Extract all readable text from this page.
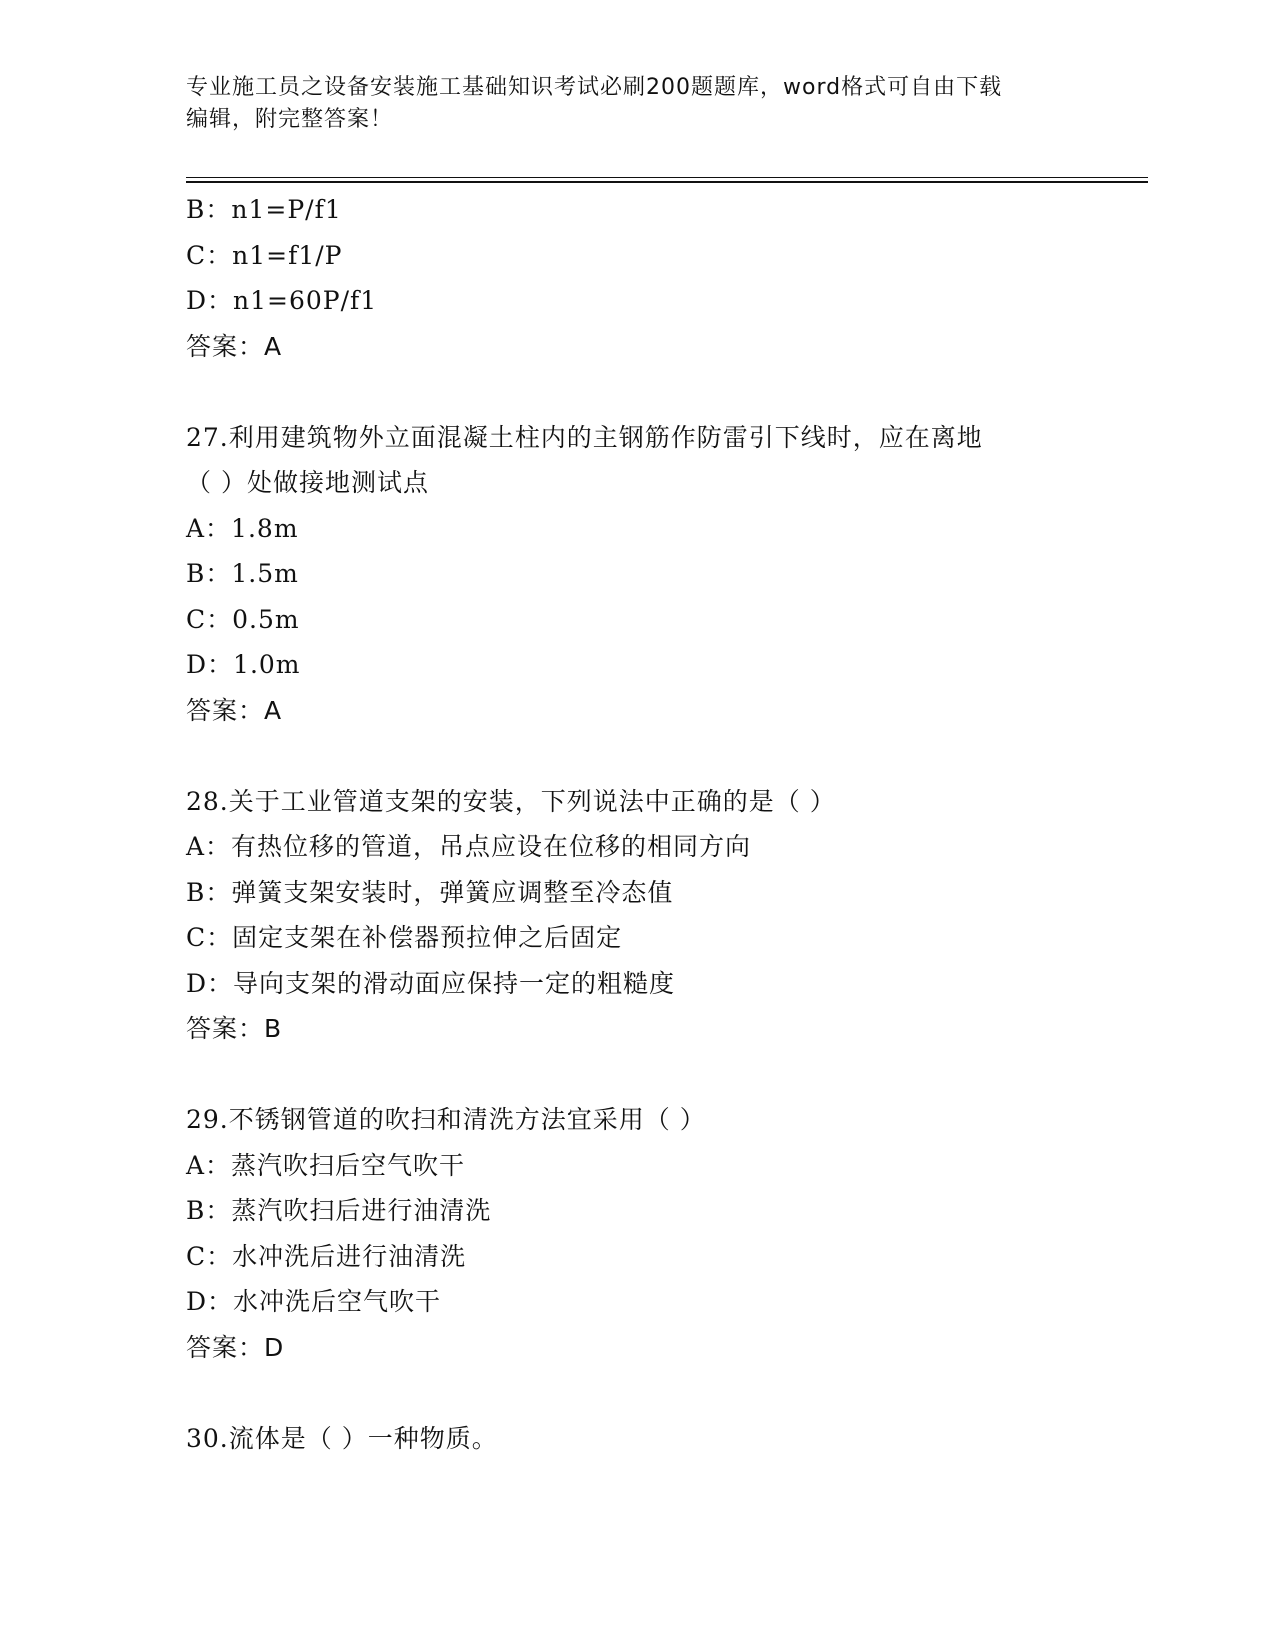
专业施工员之设备安装施工基础知识考试必刷200题题库，word格式可自由下载
编辑，附完整答案！
B：n1=P/f1
C：n1=f1/P
D：n1=60P/f1
答案：A
27.利用建筑物外立面混凝土柱内的主钢筋作防雷引下线时，应在离地
（ ）处做接地测试点
A：1.8m
B：1.5m
C：0.5m
D：1.0m
答案：A
28.关于工业管道支架的安装，下列说法中正确的是（ ）
A：有热位移的管道，吊点应设在位移的相同方向
B：弹簧支架安装时，弹簧应调整至冷态值
C：固定支架在补偿器预拉伸之后固定
D：导向支架的滑动面应保持一定的粗糙度
答案：B
29.不锈钢管道的吹扫和清洗方法宜采用（ ）
A：蒸汽吹扫后空气吹干
B：蒸汽吹扫后进行油清洗
C：水冲洗后进行油清洗
D：水冲洗后空气吹干
答案：D
30.流体是（ ）一种物质。
